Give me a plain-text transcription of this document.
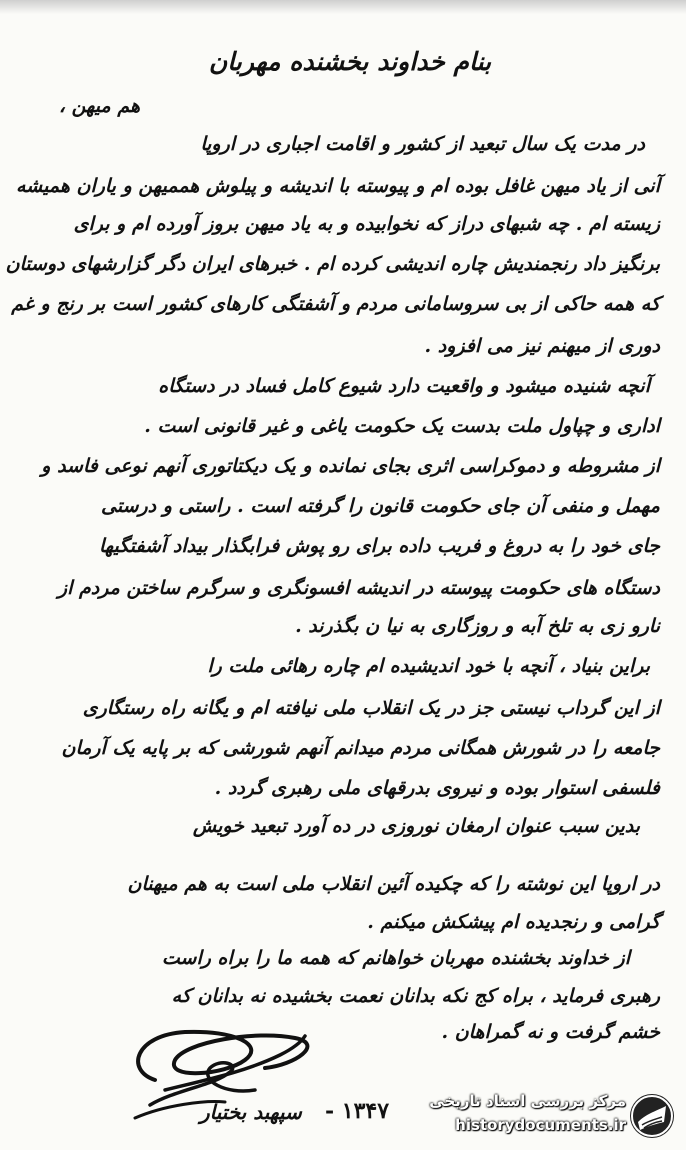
بنام خداوند بخشنده مهربان
هم میهن ،
در مدت یک سال تبعید از کشور و اقامت اجباری در اروپا
آنی از یاد میهن غافل بوده ام و پیوسته با اندیشه و پیلوش هممیهن و یاران همیشه
زیسته ام . چه شبهای دراز که نخوابیده و به یاد میهن بروز آورده ام و برای
برنگیز داد رنجمندیش چاره اندیشی کرده ام . خبرهای ایران دگر گزارشهای دوستان
که همه حاکی از بی سروسامانی مردم و آشفتگی کارهای کشور است بر رنج و غم
دوری از میهنم نیز می افزود .
آنچه شنیده میشود و واقعیت دارد شیوع کامل فساد در دستگاه
اداری و چپاول ملت بدست یک حکومت یاغی و غیر قانونی است .
از مشروطه و دموکراسی اثری بجای نمانده و یک دیکتاتوری آنهم نوعی فاسد و
مهمل و منفی آن جای حکومت قانون را گرفته است . راستی و درستی
جای خود را به دروغ و فریب داده برای رو پوش فرابگذار بیداد آشفتگیها
دستگاه های حکومت پیوسته در اندیشه افسونگری و سرگرم ساختن مردم از
نارو زی به تلخ آبه و روزگاری به نیا ن بگذرند .
براین بنیاد ، آنچه با خود اندیشیده ام چاره رهائی ملت را
از این گرداب نیستی جز در یک انقلاب ملی نیافته ام و یگانه راه رستگاری
جامعه را در شورش همگانی مردم میدانم آنهم شورشی که بر پایه یک آرمان
فلسفی استوار بوده و نیروی بدرقهای ملی رهبری گردد .
بدین سبب عنوان ارمغان نوروزی در ده آورد تبعید خویش
در اروپا این نوشته را که چکیده آئین انقلاب ملی است به هم میهنان
گرامی و رنجدیده ام پیشکش میکنم .
از خداوند بخشنده مهربان خواهانم که همه ما را براه راست
رهبری فرماید ، براه کج نکه بدانان نعمت بخشیده نه بدانان که
خشم گرفت و نه گمراهان .
۱۳۴۷ -
سپهبد بختیار	مرکز بررسی اسناد تاریخی
historydocuments.ir
